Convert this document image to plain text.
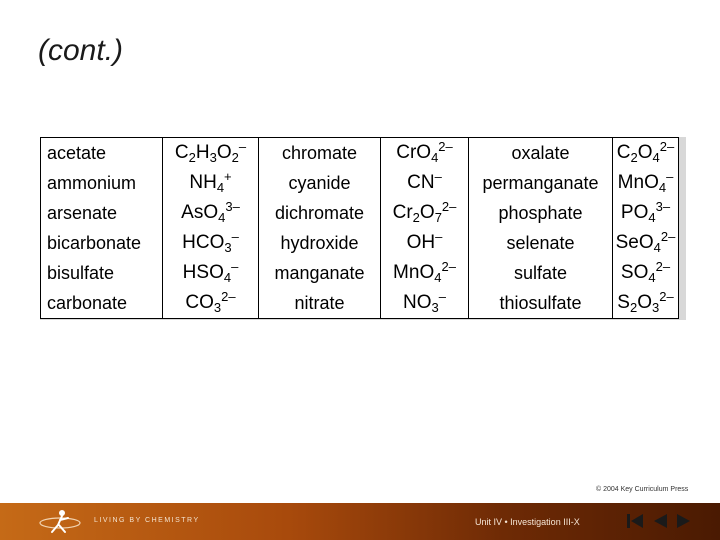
(cont.)
acetate	$C_2H_3O_2^-$	chromate	CrO$_4^{2-}$	oxalate	$C_2O_4^{2-}$
ammonium	$NH_4^+$	cyanide	CN–	permanganate	MnO$_4$–
arsenate	AsO$_4^{3-}$	dichromate	$Cr_2O_7^{2-}$	phosphate	$PO_4^{3-}$
bicarbonate	$HCO_3^-$	hydroxide	OH–	selenate	SeO$_4^{2-}$
bisulfate	$HSO_4^-$	manganate	MnO$_4^{2-}$	sulfate	$SO_4^{2-}$
carbonate	$CO_3^{2-}$	nitrate	$NO_3^-$	thiosulfate	$S_2O_3^{2-}$
© 2004 Key Curriculum Press
LIVING BY CHEMISTRY	Unit IV • Investigation III-X
